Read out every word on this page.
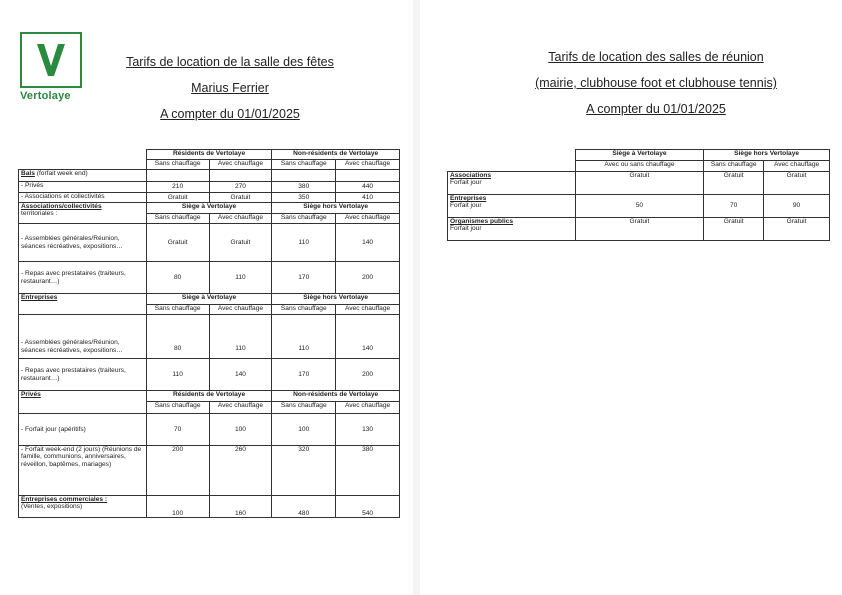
Vertolaye
Tarifs de location de la salle des fêtes
Marius Ferrier
A compter du 01/01/2025
	Résidents de Vertolaye		Non-résidents de Vertolaye	
	Sans chauffage	Avec chauffage	Sans chauffage	Avec chauffage
Bals (forfait week end)				
- Privés	210	270	380	440
- Associations et collectivités	Gratuit	Gratuit	350	410
Associations/collectivités
territoriales :	Siège à Vertolaye		Siège hors Vertolaye	
	Sans chauffage	Avec chauffage	Sans chauffage	Avec chauffage
- Assemblées générales/Réunion, séances récréatives, expositions…	Gratuit	Gratuit	110	140
- Repas avec prestataires (traiteurs, restaurant…)	80	110	170	200
Entreprises	Siège à Vertolaye		Siège hors Vertolaye	
	Sans chauffage	Avec chauffage	Sans chauffage	Avec chauffage
- Assemblées générales/Réunion, séances récréatives, expositions…	80	110	110	140
- Repas avec prestataires (traiteurs, restaurant…)	110	140	170	200
Privés	Résidents de Vertolaye		Non-résidents de Vertolaye	
	Sans chauffage	Avec chauffage	Sans chauffage	Avec chauffage
- Forfait jour (apéritifs)	70	100	100	130
- Forfait week-end (2 jours) (Réunions de famille, communions, anniversaires, réveillon, baptêmes, mariages)	200	260	320	380
Entreprises commerciales :
(Ventes, expositions)	100	160	480	540
Tarifs de location des salles de réunion
(mairie, clubhouse foot et clubhouse tennis)
A compter du 01/01/2025
	Siège à Vertolaye	Siège hors Vertolaye	
	Avec ou sans chauffage	Sans chauffage	Avec chauffage
Associations
Forfait jour	Gratuit	Gratuit	Gratuit
Entreprises
Forfait jour	50	70	90
Organismes publics
Forfait jour	Gratuit	Gratuit	Gratuit
